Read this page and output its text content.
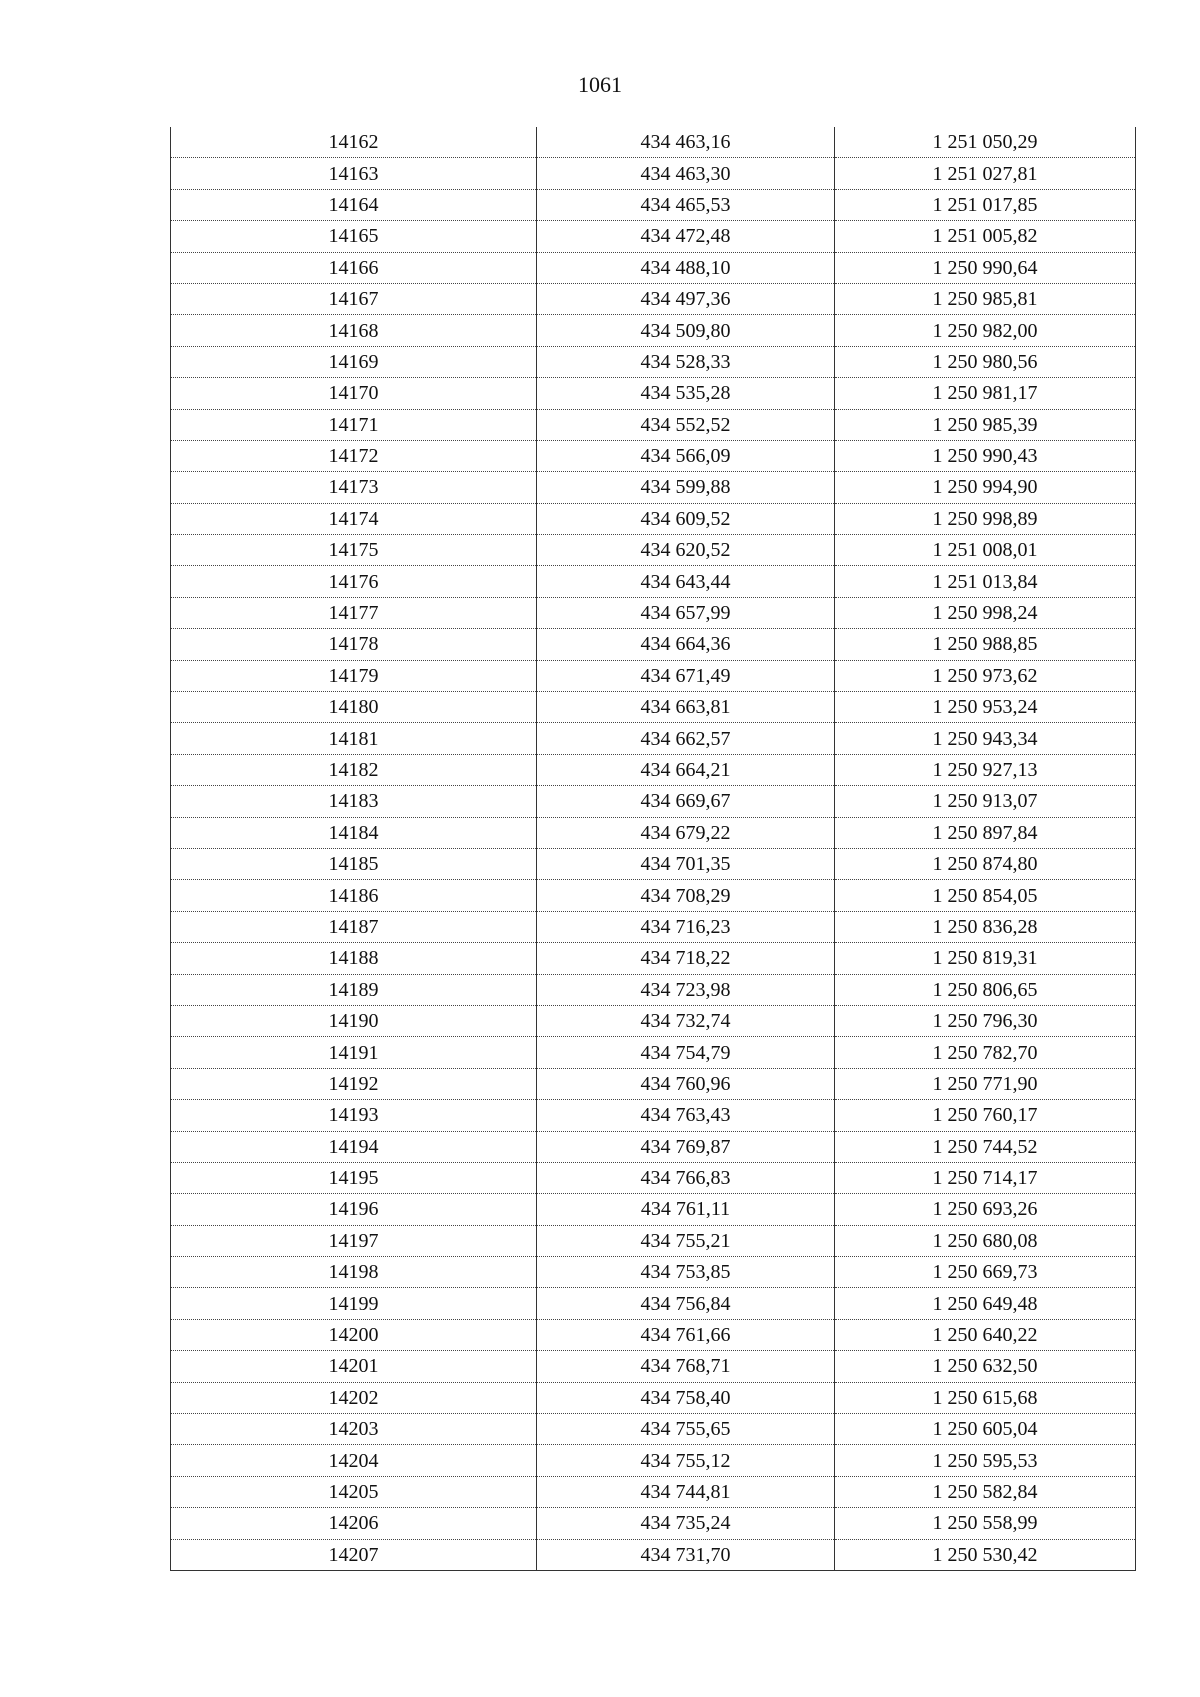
1061
14162	434 463,16	1 251 050,29
14163	434 463,30	1 251 027,81
14164	434 465,53	1 251 017,85
14165	434 472,48	1 251 005,82
14166	434 488,10	1 250 990,64
14167	434 497,36	1 250 985,81
14168	434 509,80	1 250 982,00
14169	434 528,33	1 250 980,56
14170	434 535,28	1 250 981,17
14171	434 552,52	1 250 985,39
14172	434 566,09	1 250 990,43
14173	434 599,88	1 250 994,90
14174	434 609,52	1 250 998,89
14175	434 620,52	1 251 008,01
14176	434 643,44	1 251 013,84
14177	434 657,99	1 250 998,24
14178	434 664,36	1 250 988,85
14179	434 671,49	1 250 973,62
14180	434 663,81	1 250 953,24
14181	434 662,57	1 250 943,34
14182	434 664,21	1 250 927,13
14183	434 669,67	1 250 913,07
14184	434 679,22	1 250 897,84
14185	434 701,35	1 250 874,80
14186	434 708,29	1 250 854,05
14187	434 716,23	1 250 836,28
14188	434 718,22	1 250 819,31
14189	434 723,98	1 250 806,65
14190	434 732,74	1 250 796,30
14191	434 754,79	1 250 782,70
14192	434 760,96	1 250 771,90
14193	434 763,43	1 250 760,17
14194	434 769,87	1 250 744,52
14195	434 766,83	1 250 714,17
14196	434 761,11	1 250 693,26
14197	434 755,21	1 250 680,08
14198	434 753,85	1 250 669,73
14199	434 756,84	1 250 649,48
14200	434 761,66	1 250 640,22
14201	434 768,71	1 250 632,50
14202	434 758,40	1 250 615,68
14203	434 755,65	1 250 605,04
14204	434 755,12	1 250 595,53
14205	434 744,81	1 250 582,84
14206	434 735,24	1 250 558,99
14207	434 731,70	1 250 530,42
